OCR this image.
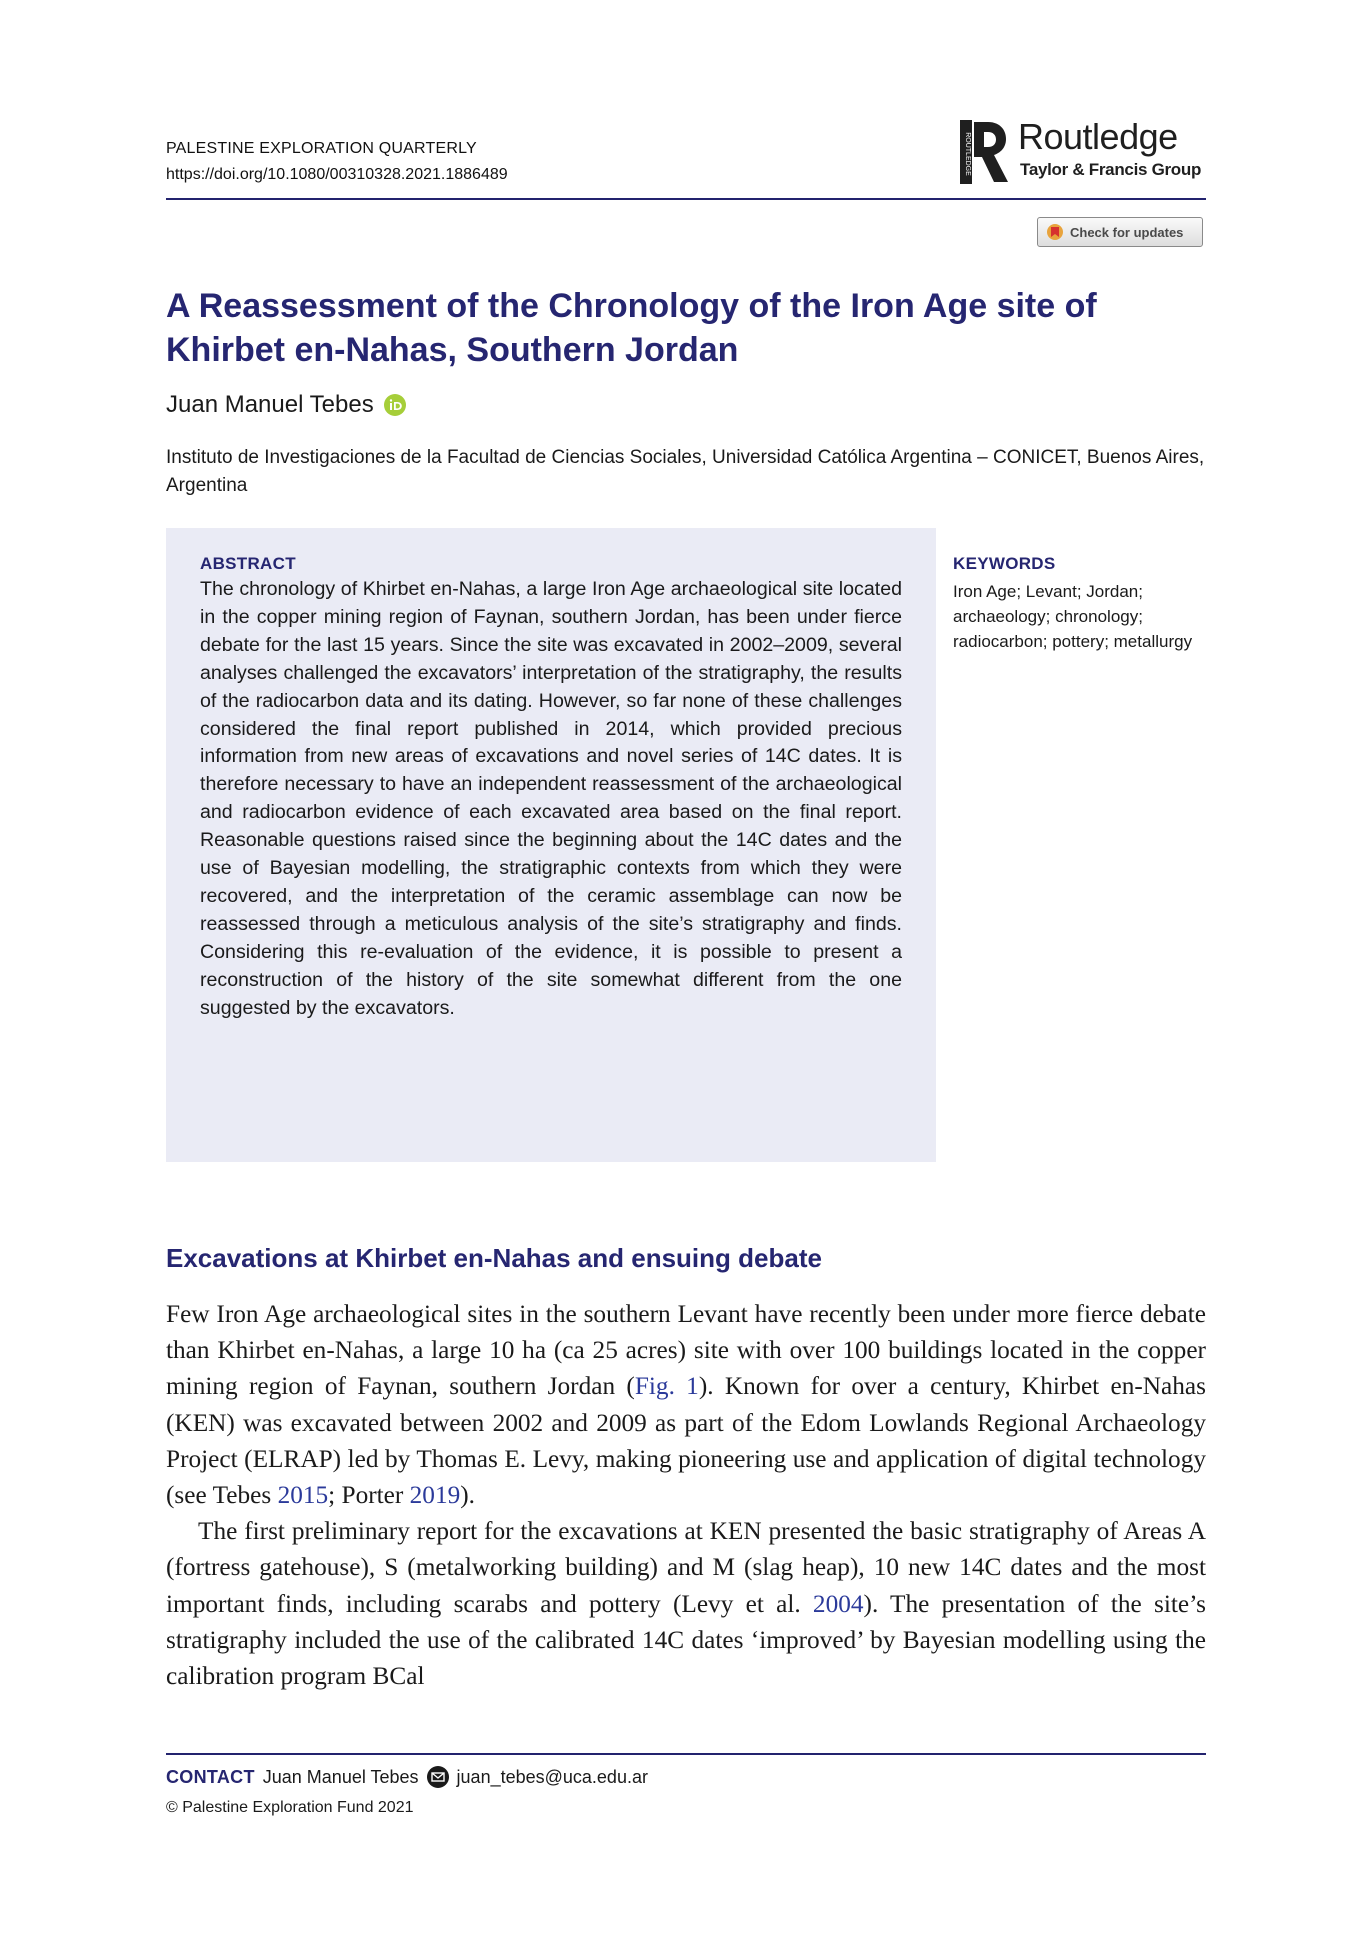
PALESTINE EXPLORATION QUARTERLY
https://doi.org/10.1080/00310328.2021.1886489	ROUTLEDGE Routledge
Taylor & Francis Group
Check for updates
A Reassessment of the Chronology of the Iron Age site of
Khirbet en-Nahas, Southern Jordan
Juan Manuel Tebes
Instituto de Investigaciones de la Facultad de Ciencias Sociales, Universidad Católica Argentina – CONICET, Buenos Aires, Argentina
ABSTRACT
The chronology of Khirbet en-Nahas, a large Iron Age archaeological site located in the copper mining region of Faynan, southern Jordan, has been under fierce debate for the last 15 years. Since the site was excavated in 2002–2009, several analyses challenged the excavators’ interpretation of the stratigraphy, the results of the radiocarbon data and its dating. However, so far none of these challenges considered the final report published in 2014, which provided precious information from new areas of excavations and novel series of 14C dates. It is therefore necessary to have an independent reassessment of the archaeological and radiocarbon evidence of each excavated area based on the final report. Reasonable questions raised since the beginning about the 14C dates and the use of Bayesian modelling, the stratigraphic contexts from which they were recovered, and the interpretation of the ceramic assemblage can now be reassessed through a meticulous analysis of the site’s stratigraphy and finds. Considering this re-evaluation of the evidence, it is possible to present a reconstruction of the history of the site somewhat different from the one suggested by the excavators.
KEYWORDS
Iron Age; Levant; Jordan; archaeology; chronology; radiocarbon; pottery; metallurgy
Excavations at Khirbet en-Nahas and ensuing debate

Few Iron Age archaeological sites in the southern Levant have recently been under more fierce debate than Khirbet en-Nahas, a large 10 ha (ca 25 acres) site with over 100 buildings located in the copper mining region of Faynan, southern Jordan (Fig. 1). Known for over a century, Khirbet en-Nahas (KEN) was excavated between 2002 and 2009 as part of the Edom Lowlands Regional Archaeology Project (ELRAP) led by Thomas E. Levy, making pioneering use and application of digital technology (see Tebes 2015; Porter 2019).

The first preliminary report for the excavations at KEN presented the basic stratigraphy of Areas A (fortress gatehouse), S (metalworking building) and M (slag heap), 10 new 14C dates and the most important finds, including scarabs and pottery (Levy et al. 2004). The presentation of the site’s stratigraphy included the use of the calibrated 14C dates ‘improved’ by Bayesian modelling using the calibration program BCal

CONTACT Juan Manuel Tebes juan_tebes@uca.edu.ar
© Palestine Exploration Fund 2021
